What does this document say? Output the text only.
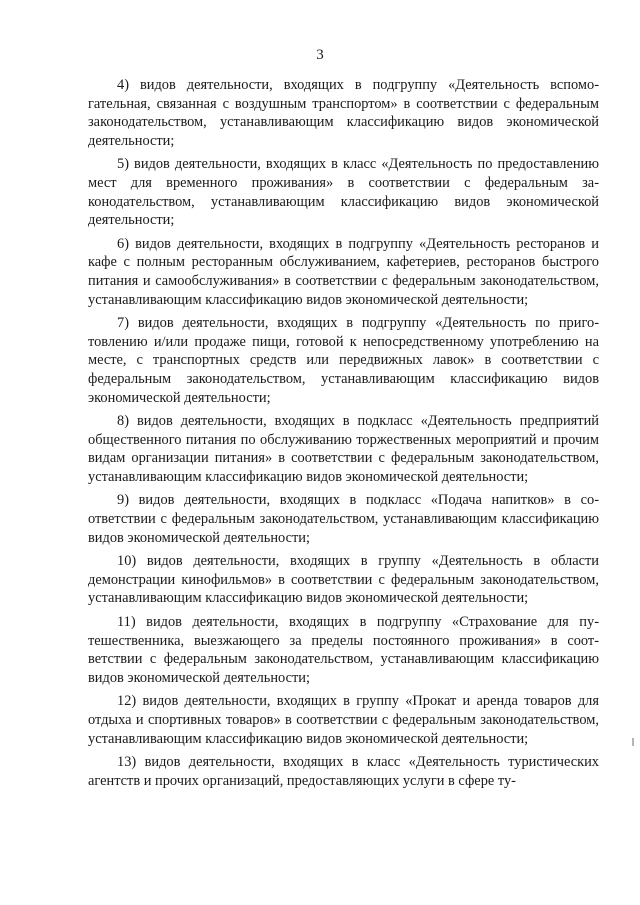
3

4) видов деятельности, входящих в подгруппу «Деятельность вспомогательная, связанная с воздушным транспортом» в соответствии с федеральным законодательством, устанавливающим классификацию видов экономической деятельности;

5) видов деятельности, входящих в класс «Деятельность по предоставлению мест для временного проживания» в соответствии с федеральным законодательством, устанавливающим классификацию видов экономической деятельности;

6) видов деятельности, входящих в подгруппу «Деятельность ресторанов и кафе с полным ресторанным обслуживанием, кафетериев, ресторанов быстрого питания и самообслуживания» в соответствии с федеральным законодательством, устанавливающим классификацию видов экономической деятельности;

7) видов деятельности, входящих в подгруппу «Деятельность по приготовлению и/или продаже пищи, готовой к непосредственному употреблению на месте, с транспортных средств или передвижных лавок» в соответствии с федеральным законодательством, устанавливающим классификацию видов экономической деятельности;

8) видов деятельности, входящих в подкласс «Деятельность предприятий общественного питания по обслуживанию торжественных мероприятий и прочим видам организации питания» в соответствии с федеральным законодательством, устанавливающим классификацию видов экономической деятельности;

9) видов деятельности, входящих в подкласс «Подача напитков» в соответствии с федеральным законодательством, устанавливающим классификацию видов экономической деятельности;

10) видов деятельности, входящих в группу «Деятельность в области демонстрации кинофильмов» в соответствии с федеральным законодательством, устанавливающим классификацию видов экономической деятельности;

11) видов деятельности, входящих в подгруппу «Страхование для путешественника, выезжающего за пределы постоянного проживания» в соответствии с федеральным законодательством, устанавливающим классификацию видов экономической деятельности;

12) видов деятельности, входящих в группу «Прокат и аренда товаров для отдыха и спортивных товаров» в соответствии с федеральным законодательством, устанавливающим классификацию видов экономической деятельности;

13) видов деятельности, входящих в класс «Деятельность туристических агентств и прочих организаций, предоставляющих услуги в сфере ту-
